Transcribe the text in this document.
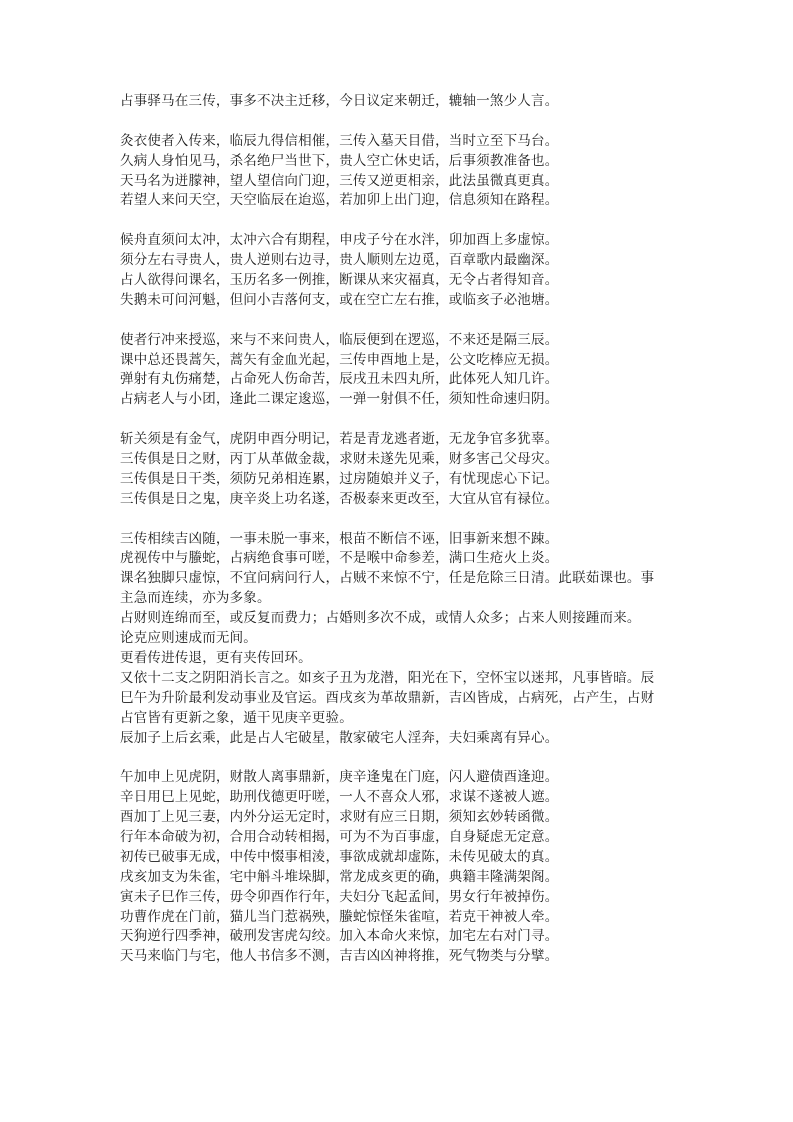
占事驿马在三传，事多不决主迁移，今日议定来朝迁，辘轴一煞少人言。
灸衣使者入传来，临辰九得信相催，三传入墓天目借，当时立至下马台。
久病人身怕见马，杀名绝尸当世下，贵人空亡休史话，后事须教准备也。
天马名为迸朦神，望人望信向门迎，三传又逆更相亲，此法虽微真更真。
若望人来问天空，天空临辰在迨巡，若加卯上出门迎，信息须知在路程。
候舟直须问太冲，太冲六合有期程，申戌子兮在水泮，卯加酉上多虚惊。
须分左右寻贵人，贵人逆则右边寻，贵人顺则左边觅，百章歌内最幽深。
占人欲得问课名，玉历名多一例推，断课从来灾福真，无令占者得知音。
失鹅未可问河魁，但问小吉落何支，或在空亡左右推，或临亥子必池塘。
使者行冲来授巡，来与不来问贵人，临辰便到在逻巡，不来还是隔三辰。
课中总还畏蒿矢，蒿矢有金血光起，三传申酉地上是，公文吃棒应无损。
弹射有丸伤痛楚，占命死人伤命苦，辰戌丑未四丸所，此体死人知几许。
占病老人与小团，逢此二课定逡巡，一弹一射俱不任，须知性命速归阴。
斩关须是有金气，虎阴申酉分明记，若是青龙逃者逝，无龙争官多犹辜。
三传俱是日之财，丙丁从革做金裁，求财未遂先见乘，财多害己父母灾。
三传俱是日干类，须防兄弟相连累，过房随娘并义子，有忧现虑心下记。
三传俱是日之鬼，庚辛炎上功名遂，否极泰来更改至，大宜从官有禄位。
三传相续吉凶随，一事未脱一事来，根苗不断信不诬，旧事新来想不踈。
虎视传中与螣蛇，占病绝食事可嗟，不是喉中命参差，满口生疮火上炎。
课名独脚只虚惊，不宜问病问行人，占贼不来惊不宁，任是危除三日清。此联茹课也。事
主急而连续，亦为多象。
占财则连绵而至，或反复而费力；占婚则多次不成，或情人众多；占来人则接踵而来。
论克应则速成而无间。
更看传进传退，更有夹传回环。
又依十二支之阴阳消长言之。如亥子丑为龙潜，阳光在下，空怀宝以迷邦，凡事皆暗。辰
巳午为升阶最利发动事业及官运。酉戌亥为革故鼎新，吉凶皆成，占病死，占产生，占财
占官皆有更新之象，遁干见庚辛更验。
辰加子上后玄乘，此是占人宅破星，散家破宅人淫奔，夫妇乘离有异心。
午加申上见虎阴，财散人离事鼎新，庚辛逢鬼在门庭，闪人避债酉逢迎。
辛日用巳上见蛇，助刑伐德更吁嗟，一人不喜众人邪，求谋不遂被人遮。
酉加丁上见三妻，内外分运无定时，求财有应三日期，须知玄妙转函微。
行年本命破为初，合用合动转相揭，可为不为百事虚，自身疑虑无定意。
初传已破事无成，中传中惙事相淩，事欲成就却虚陈，未传见破太的真。
戌亥加支为朱雀，宅中斛斗堆垛脚，常龙成亥更的确，典籍丰隆满架阁。
寅未子巳作三传，毋令卯酉作行年，夫妇分飞起孟间，男女行年被掉伤。
功曹作虎在门前，猫儿当门惹祸殃，螣蛇惊怪朱雀喧，若克干神被人牵。
天狗逆行四季神，破刑发害虎勾绞。加入本命火来惊，加宅左右对门寻。
天马来临门与宅，他人书信多不测，吉吉凶凶神将推，死气物类与分擘。
